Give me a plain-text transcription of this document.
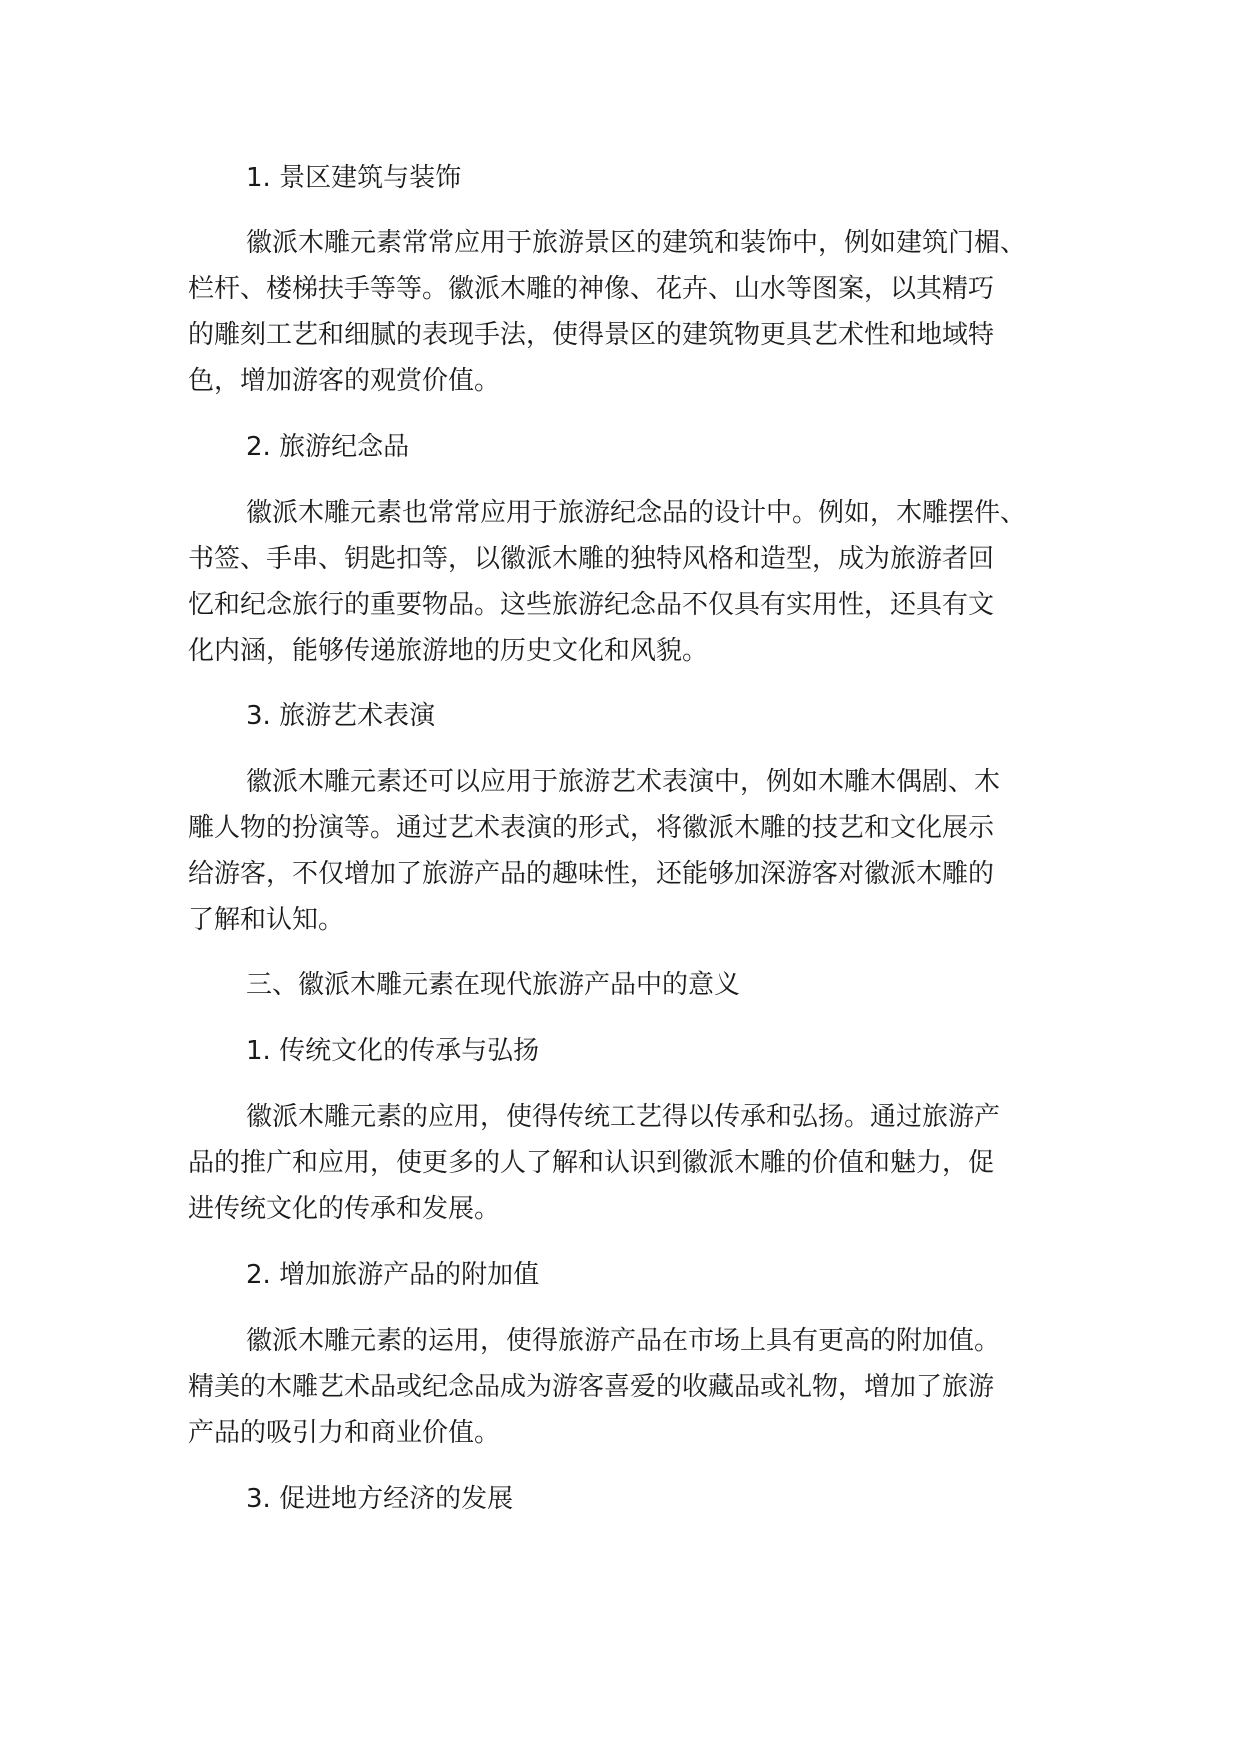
1. 景区建筑与装饰
徽派木雕元素常常应用于旅游景区的建筑和装饰中，例如建筑门楣、
栏杆、楼梯扶手等等。徽派木雕的神像、花卉、山水等图案，以其精巧
的雕刻工艺和细腻的表现手法，使得景区的建筑物更具艺术性和地域特
色，增加游客的观赏价值。
2. 旅游纪念品
徽派木雕元素也常常应用于旅游纪念品的设计中。例如，木雕摆件、
书签、手串、钥匙扣等，以徽派木雕的独特风格和造型，成为旅游者回
忆和纪念旅行的重要物品。这些旅游纪念品不仅具有实用性，还具有文
化内涵，能够传递旅游地的历史文化和风貌。
3. 旅游艺术表演
徽派木雕元素还可以应用于旅游艺术表演中，例如木雕木偶剧、木
雕人物的扮演等。通过艺术表演的形式，将徽派木雕的技艺和文化展示
给游客，不仅增加了旅游产品的趣味性，还能够加深游客对徽派木雕的
了解和认知。
三、徽派木雕元素在现代旅游产品中的意义
1. 传统文化的传承与弘扬
徽派木雕元素的应用，使得传统工艺得以传承和弘扬。通过旅游产
品的推广和应用，使更多的人了解和认识到徽派木雕的价值和魅力，促
进传统文化的传承和发展。
2. 增加旅游产品的附加值
徽派木雕元素的运用，使得旅游产品在市场上具有更高的附加值。
精美的木雕艺术品或纪念品成为游客喜爱的收藏品或礼物，增加了旅游
产品的吸引力和商业价值。
3. 促进地方经济的发展
